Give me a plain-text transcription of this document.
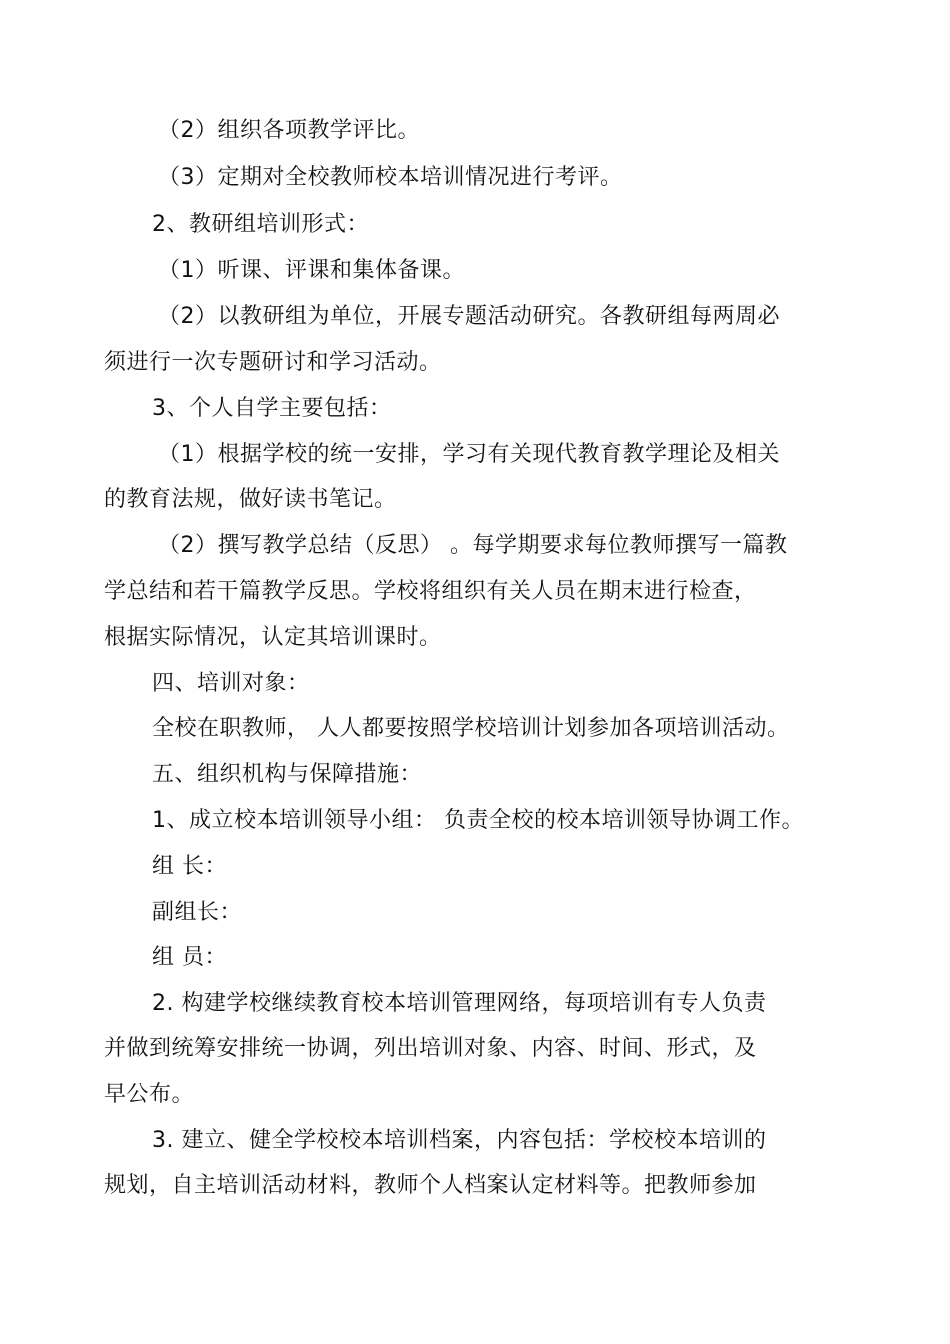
（2）组织各项教学评比。
（3）定期对全校教师校本培训情况进行考评。
2、教研组培训形式：
（1）听课、评课和集体备课。
（2）以教研组为单位，开展专题活动研究。各教研组每两周必
须进行一次专题研讨和学习活动。
3、个人自学主要包括：
（1）根据学校的统一安排，学习有关现代教育教学理论及相关
的教育法规，做好读书笔记。
（2）撰写教学总结（反思） 。每学期要求每位教师撰写一篇教
学总结和若干篇教学反思。学校将组织有关人员在期末进行检查，
根据实际情况，认定其培训课时。
四、培训对象：
全校在职教师， 人人都要按照学校培训计划参加各项培训活动。
五、组织机构与保障措施：
1、成立校本培训领导小组： 负责全校的校本培训领导协调工作。
组 长：
副组长：
组 员：
2. 构建学校继续教育校本培训管理网络，每项培训有专人负责
并做到统筹安排统一协调，列出培训对象、内容、时间、形式，及
早公布。
3. 建立、健全学校校本培训档案，内容包括：学校校本培训的
规划，自主培训活动材料，教师个人档案认定材料等。把教师参加
